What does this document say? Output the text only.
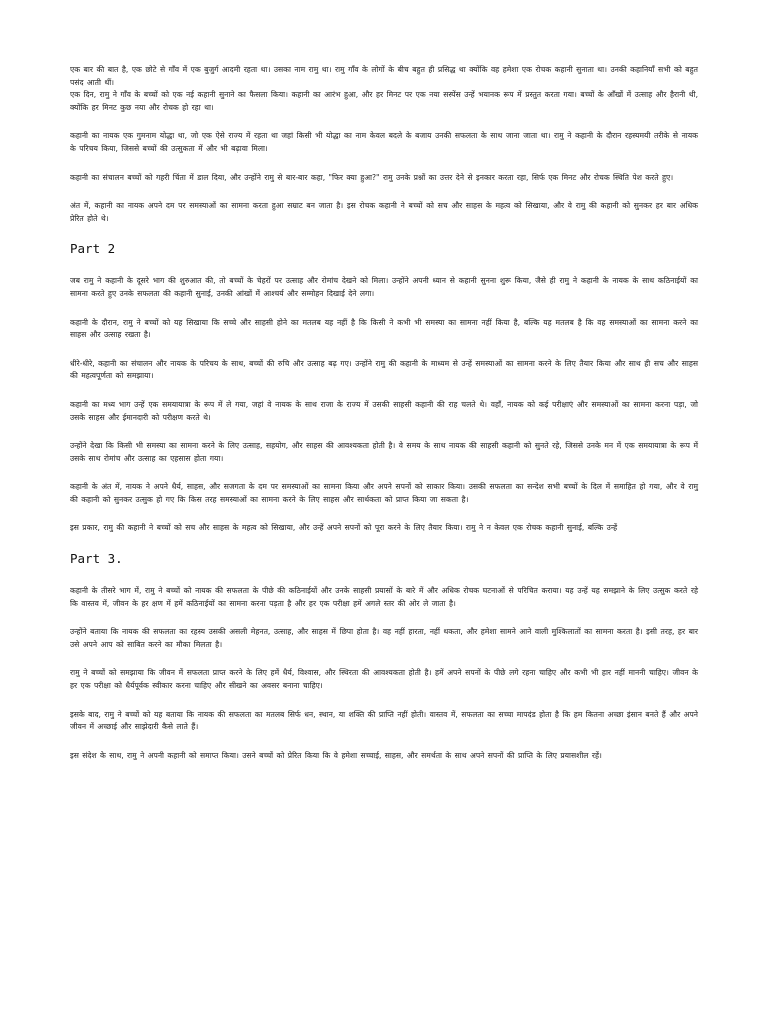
एक बार की बात है, एक छोटे से गाँव में एक बुजुर्ग आदमी रहता था। उसका नाम रामु था। रामु गाँव के लोगों के बीच बहुत ही प्रसिद्ध था क्योंकि वह हमेशा एक रोचक कहानी सुनाता था। उनकी कहानियाँ सभी को बहुत पसंद आती थीं।

एक दिन, रामु ने गाँव के बच्चों को एक नई कहानी सुनाने का फैसला किया। कहानी का आरंभ हुआ, और हर मिनट पर एक नया सस्पेंस उन्हें भयानक रूप में प्रस्तुत करता गया। बच्चों के आँखों में उत्साह और हैरानी थी, क्योंकि हर मिनट कुछ नया और रोचक हो रहा था।

कहानी का नायक एक गुमनाम योद्धा था, जो एक ऐसे राज्य में रहता था जहां किसी भी योद्धा का नाम केवल बदले के बजाय उनकी सफलता के साथ जाना जाता था। रामु ने कहानी के दौरान रहस्यमयी तरीके से नायक के परिचय किया, जिससे बच्चों की उत्सुकता में और भी बढ़ावा मिला।

कहानी का संचालन बच्चों को गहरी चिंता में डाल दिया, और उन्होंने रामु से बार-बार कहा, "फिर क्या हुआ?" रामु उनके प्रश्नों का उत्तर देने से इनकार करता रहा, सिर्फ एक मिनट और रोचक स्थिति पेश करते हुए।

अंत में, कहानी का नायक अपने दम पर समस्याओं का सामना करता हुआ सम्राट बन जाता है। इस रोचक कहानी ने बच्चों को सच और साहस के महत्व को सिखाया, और वे रामु की कहानी को सुनकर हर बार अधिक प्रेरित होते थे।

Part 2

जब रामु ने कहानी के दूसरे भाग की शुरुआत की, तो बच्चों के चेहरों पर उत्साह और रोमांच देखने को मिला। उन्होंने अपनी ध्यान से कहानी सुनना शुरू किया, जैसे ही रामु ने कहानी के नायक के साथ कठिनाईयों का सामना करते हुए उनके सफलता की कहानी सुनाई, उनकी आंखों में आश्चर्य और सम्मोहन दिखाई देने लगा।

कहानी के दौरान, रामु ने बच्चों को यह सिखाया कि सच्चे और साहसी होने का मतलब यह नहीं है कि किसी ने कभी भी समस्या का सामना नहीं किया है, बल्कि यह मतलब है कि वह समस्याओं का सामना करने का साहस और उत्साह रखता है।

धीरे-धीरे, कहानी का संचालन और नायक के परिचय के साथ, बच्चों की रुचि और उत्साह बढ़ गए। उन्होंने रामु की कहानी के माध्यम से उन्हें समस्याओं का सामना करने के लिए तैयार किया और साथ ही सच और साहस की महत्वपूर्णता को समझाया।

कहानी का मध्य भाग उन्हें एक समयायात्रा के रूप में ले गया, जहां वे नायक के साथ राजा के राज्य में उसकी साहसी कहानी की राह चलते थे। वहाँ, नायक को कई परीक्षाएं और समस्याओं का सामना करना पड़ा, जो उसके साहस और ईमानदारी को परीक्षण करते थे।

उन्होंने देखा कि किसी भी समस्या का सामना करने के लिए उत्साह, सहयोग, और साहस की आवश्यकता होती है। वे समय के साथ नायक की साहसी कहानी को सुनते रहे, जिससे उनके मन में एक समयायात्रा के रूप में उसके साथ रोमांच और उत्साह का एहसास होता गया।

कहानी के अंत में, नायक ने अपने धैर्य, साहस, और सजगता के दम पर समस्याओं का सामना किया और अपने सपनों को साकार किया। उसकी सफलता का सन्देश सभी बच्चों के दिल में समाहित हो गया, और वे रामु की कहानी को सुनकर उत्सुक हो गए कि किस तरह समस्याओं का सामना करने के लिए साहस और सार्थकता को प्राप्त किया जा सकता है।

इस प्रकार, रामु की कहानी ने बच्चों को सच और साहस के महत्व को सिखाया, और उन्हें अपने सपनों को पूरा करने के लिए तैयार किया। रामु ने न केवल एक रोचक कहानी सुनाई, बल्कि उन्हें

Part 3.

कहानी के तीसरे भाग में, रामु ने बच्चों को नायक की सफलता के पीछे की कठिनाईयों और उनके साहसी प्रयासों के बारे में और अधिक रोचक घटनाओं से परिचित कराया। यह उन्हें यह समझाने के लिए उत्सुक करते रहे कि वास्तव में, जीवन के हर क्षण में हमें कठिनाईयों का सामना करना पड़ता है और हर एक परीक्षा हमें अगले स्तर की ओर ले जाता है।

उन्होंने बताया कि नायक की सफलता का रहस्य उसकी असली मेहनत, उत्साह, और साहस में छिपा होता है। वह नहीं हारता, नहीं थकता, और हमेशा सामने आने वाली मुश्किलातों का सामना करता है। इसी तरह, हर बार उसे अपने आप को साबित करने का मौका मिलता है।

रामु ने बच्चों को समझाया कि जीवन में सफलता प्राप्त करने के लिए हमें धैर्य, विश्वास, और स्थिरता की आवश्यकता होती है। हमें अपने सपनों के पीछे लगे रहना चाहिए और कभी भी हार नहीं माननी चाहिए। जीवन के हर एक परीक्षा को धैर्यपूर्वक स्वीकार करना चाहिए और सीखने का अवसर बनाना चाहिए।

इसके बाद, रामु ने बच्चों को यह बताया कि नायक की सफलता का मतलब सिर्फ धन, स्थान, या शक्ति की प्राप्ति नहीं होती। वास्तव में, सफलता का सच्चा मापदंड होता है कि हम कितना अच्छा इंसान बनते हैं और अपने जीवन में अच्छाई और साझेदारी कैसे लाते हैं।

इस संदेश के साथ, रामु ने अपनी कहानी को समाप्त किया। उसने बच्चों को प्रेरित किया कि वे हमेशा सच्चाई, साहस, और समर्थता के साथ अपने सपनों की प्राप्ति के लिए प्रयासशील रहें।
